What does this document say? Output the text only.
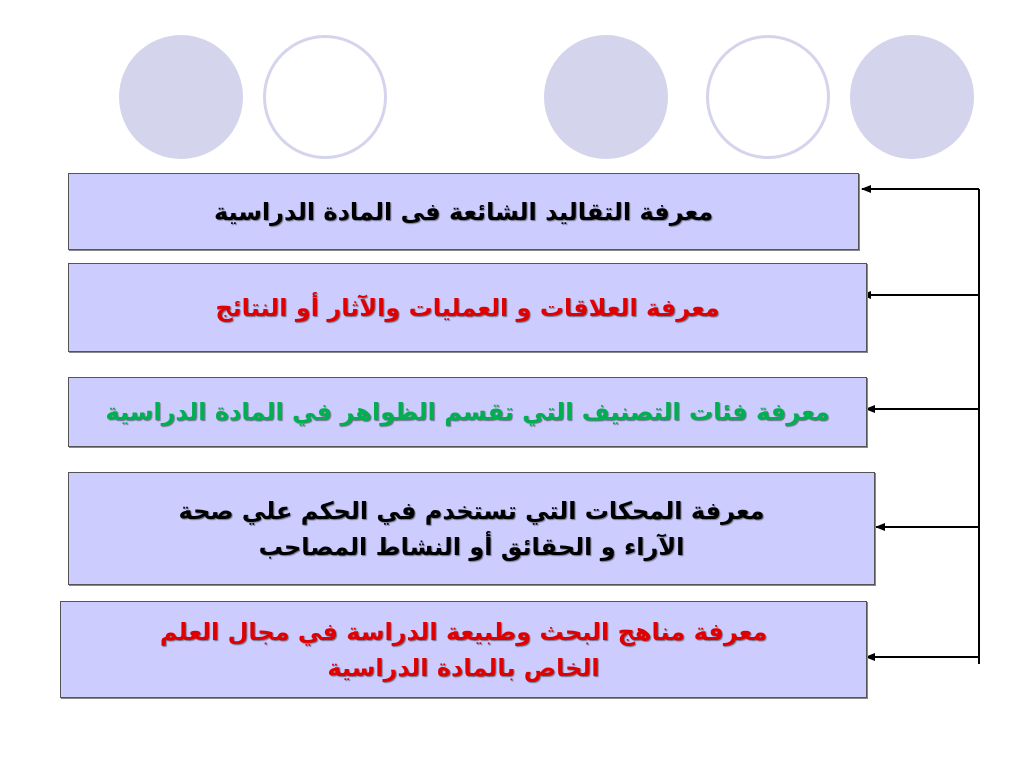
معرفة التقاليد الشائعة فى المادة الدراسية
معرفة العلاقات و العمليات والآثار أو النتائج
معرفة فئات التصنيف التي تقسم الظواهر في المادة الدراسية
معرفة المحكات التي تستخدم في الحكم علي صحة
الآراء و الحقائق أو النشاط المصاحب
معرفة مناهج البحث وطبيعة الدراسة في مجال العلم
الخاص بالمادة الدراسية
